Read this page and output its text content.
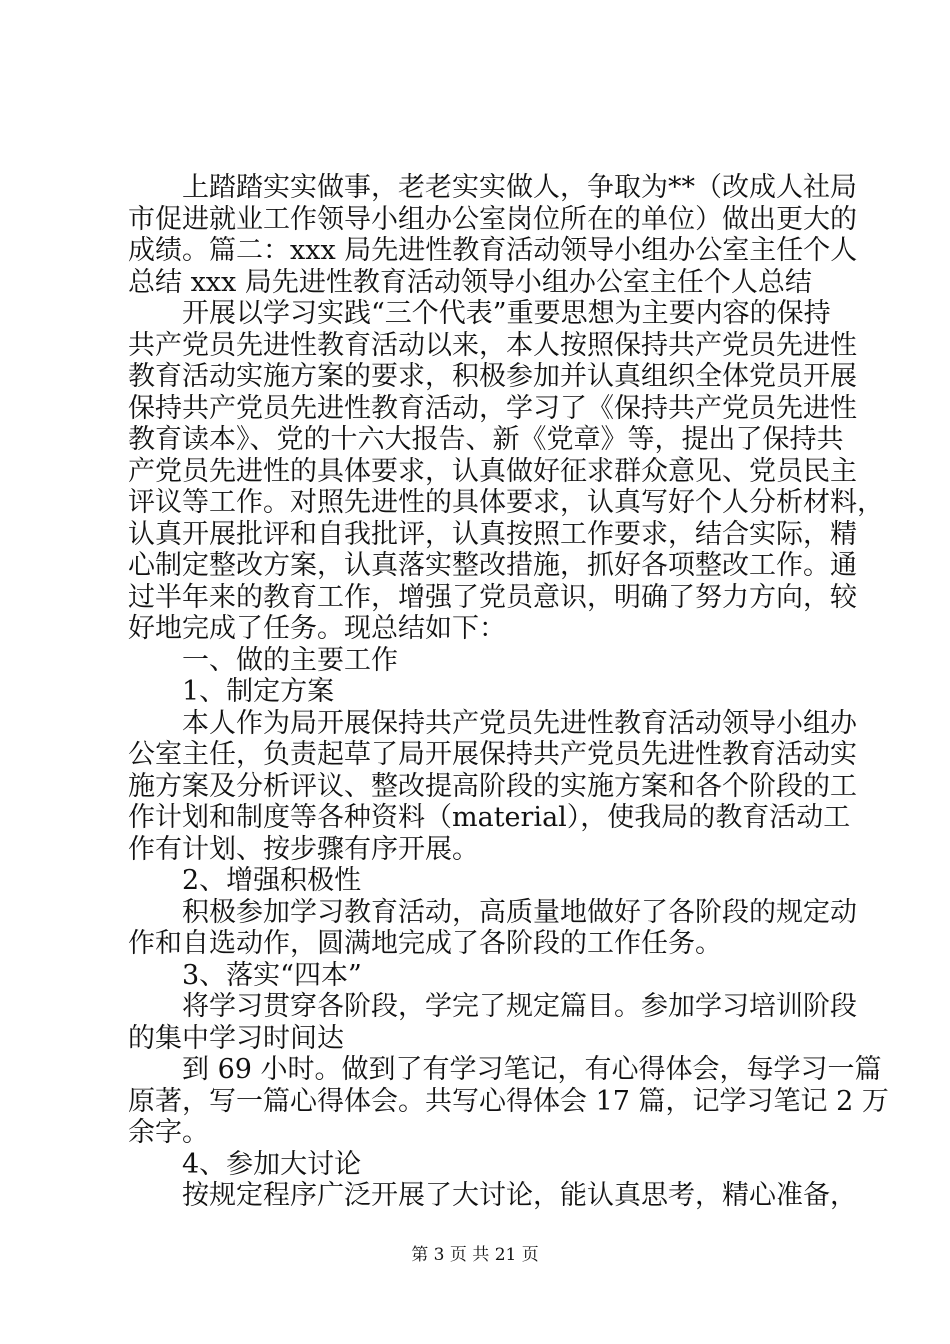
上踏踏实实做事，老老实实做人，争取为**（改成人社局
市促进就业工作领导小组办公室岗位所在的单位）做出更大的
成绩。篇二：xxx 局先进性教育活动领导小组办公室主任个人
总结 xxx 局先进性教育活动领导小组办公室主任个人总结
开展以学习实践“三个代表”重要思想为主要内容的保持
共产党员先进性教育活动以来，本人按照保持共产党员先进性
教育活动实施方案的要求，积极参加并认真组织全体党员开展
保持共产党员先进性教育活动，学习了《保持共产党员先进性
教育读本》、党的十六大报告、新《党章》等，提出了保持共
产党员先进性的具体要求，认真做好征求群众意见、党员民主
评议等工作。对照先进性的具体要求，认真写好个人分析材料，
认真开展批评和自我批评，认真按照工作要求，结合实际，精
心制定整改方案，认真落实整改措施，抓好各项整改工作。通
过半年来的教育工作，增强了党员意识，明确了努力方向，较
好地完成了任务。现总结如下：
一、做的主要工作
1、制定方案
本人作为局开展保持共产党员先进性教育活动领导小组办
公室主任，负责起草了局开展保持共产党员先进性教育活动实
施方案及分析评议、整改提高阶段的实施方案和各个阶段的工
作计划和制度等各种资料（material），使我局的教育活动工
作有计划、按步骤有序开展。
2、增强积极性
积极参加学习教育活动，高质量地做好了各阶段的规定动
作和自选动作，圆满地完成了各阶段的工作任务。
3、落实“四本”
将学习贯穿各阶段，学完了规定篇目。参加学习培训阶段
的集中学习时间达
到 69 小时。做到了有学习笔记，有心得体会，每学习一篇
原著，写一篇心得体会。共写心得体会 17 篇，记学习笔记 2 万
余字。
4、参加大讨论
按规定程序广泛开展了大讨论，能认真思考，精心准备，
第 3 页 共 21 页
